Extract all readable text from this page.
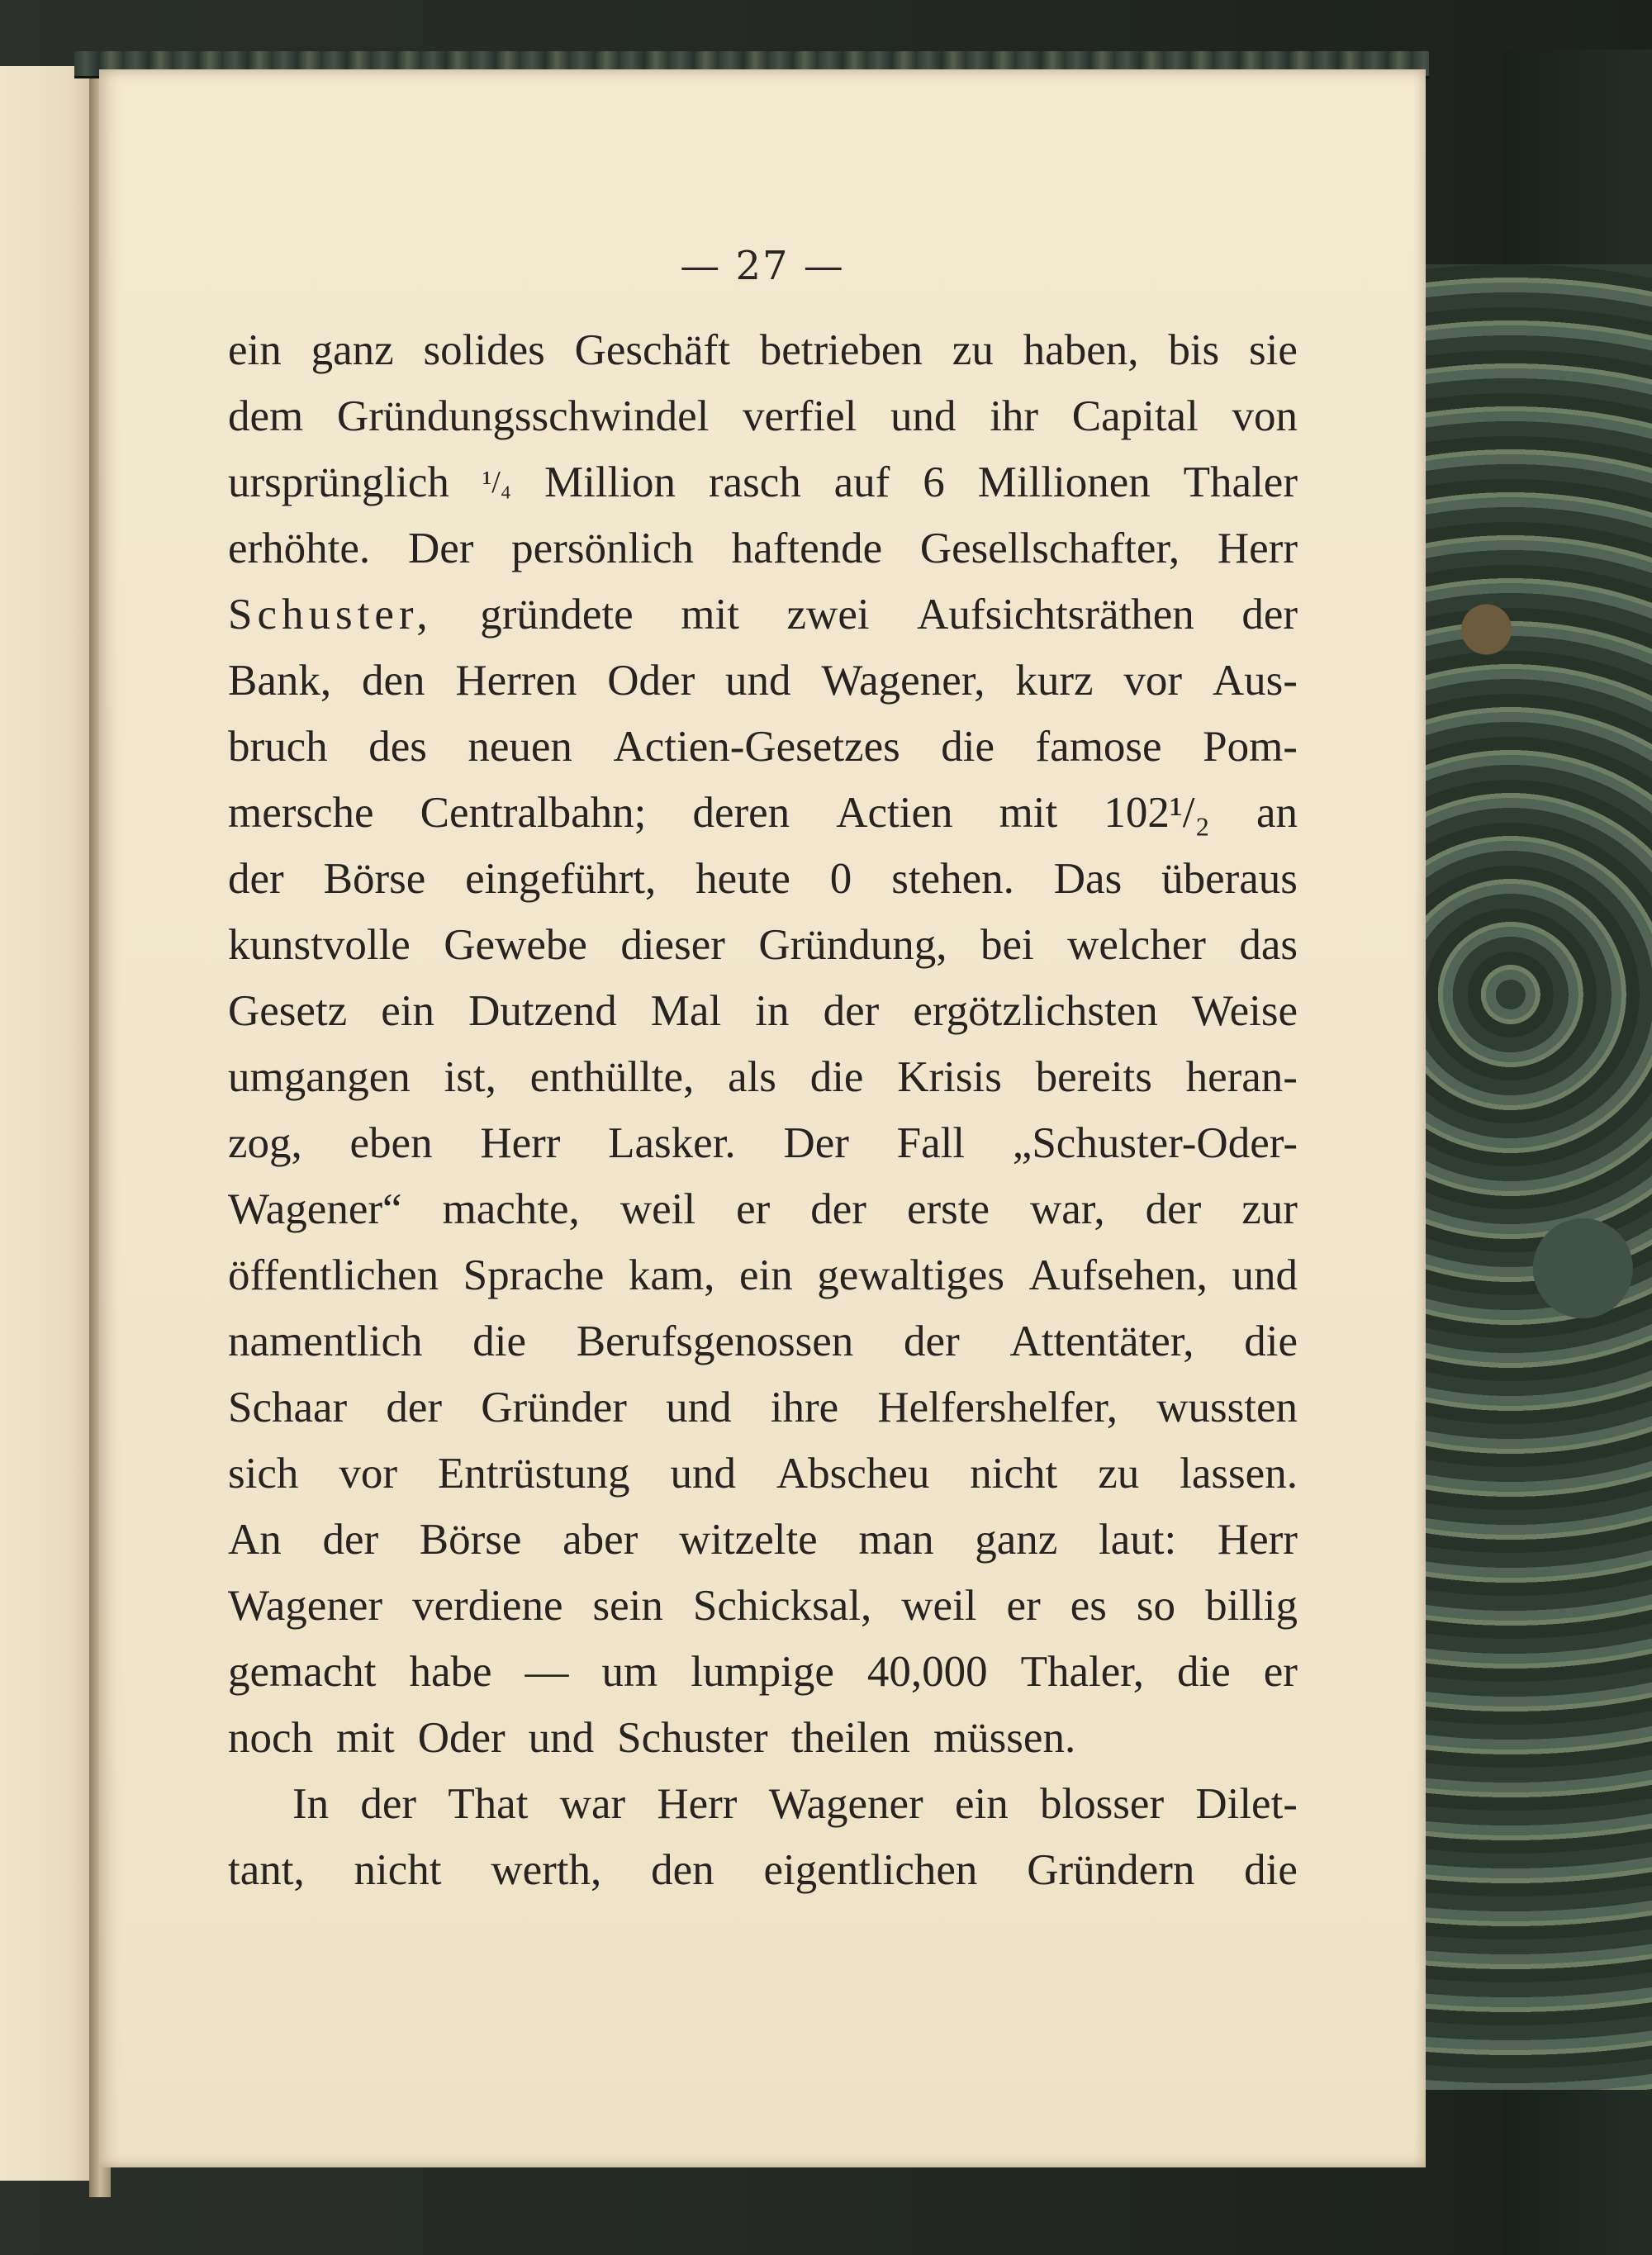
— 27 —
ein ganz solides Geschäft betrieben zu haben, bis sie
dem Gründungsschwindel verfiel und ihr Capital von
ursprünglich ¹/₄ Million rasch auf 6 Millionen Thaler
erhöhte. Der persönlich haftende Gesellschafter, Herr
Schuster, gründete mit zwei Aufsichtsräthen der
Bank, den Herren Oder und Wagener, kurz vor Aus-
bruch des neuen Actien-Gesetzes die famose Pom-
mersche Centralbahn; deren Actien mit 102¹/₂ an
der Börse eingeführt, heute 0 stehen. Das überaus
kunstvolle Gewebe dieser Gründung, bei welcher das
Gesetz ein Dutzend Mal in der ergötzlichsten Weise
umgangen ist, enthüllte, als die Krisis bereits heran-
zog, eben Herr Lasker. Der Fall „Schuster-Oder-
Wagener“ machte, weil er der erste war, der zur
öffentlichen Sprache kam, ein gewaltiges Aufsehen, und
namentlich die Berufsgenossen der Attentäter, die
Schaar der Gründer und ihre Helfershelfer, wussten
sich vor Entrüstung und Abscheu nicht zu lassen.
An der Börse aber witzelte man ganz laut: Herr
Wagener verdiene sein Schicksal, weil er es so billig
gemacht habe — um lumpige 40,000 Thaler, die er
noch mit Oder und Schuster theilen müssen.
In der That war Herr Wagener ein blosser Dilet-
tant, nicht werth, den eigentlichen Gründern die
